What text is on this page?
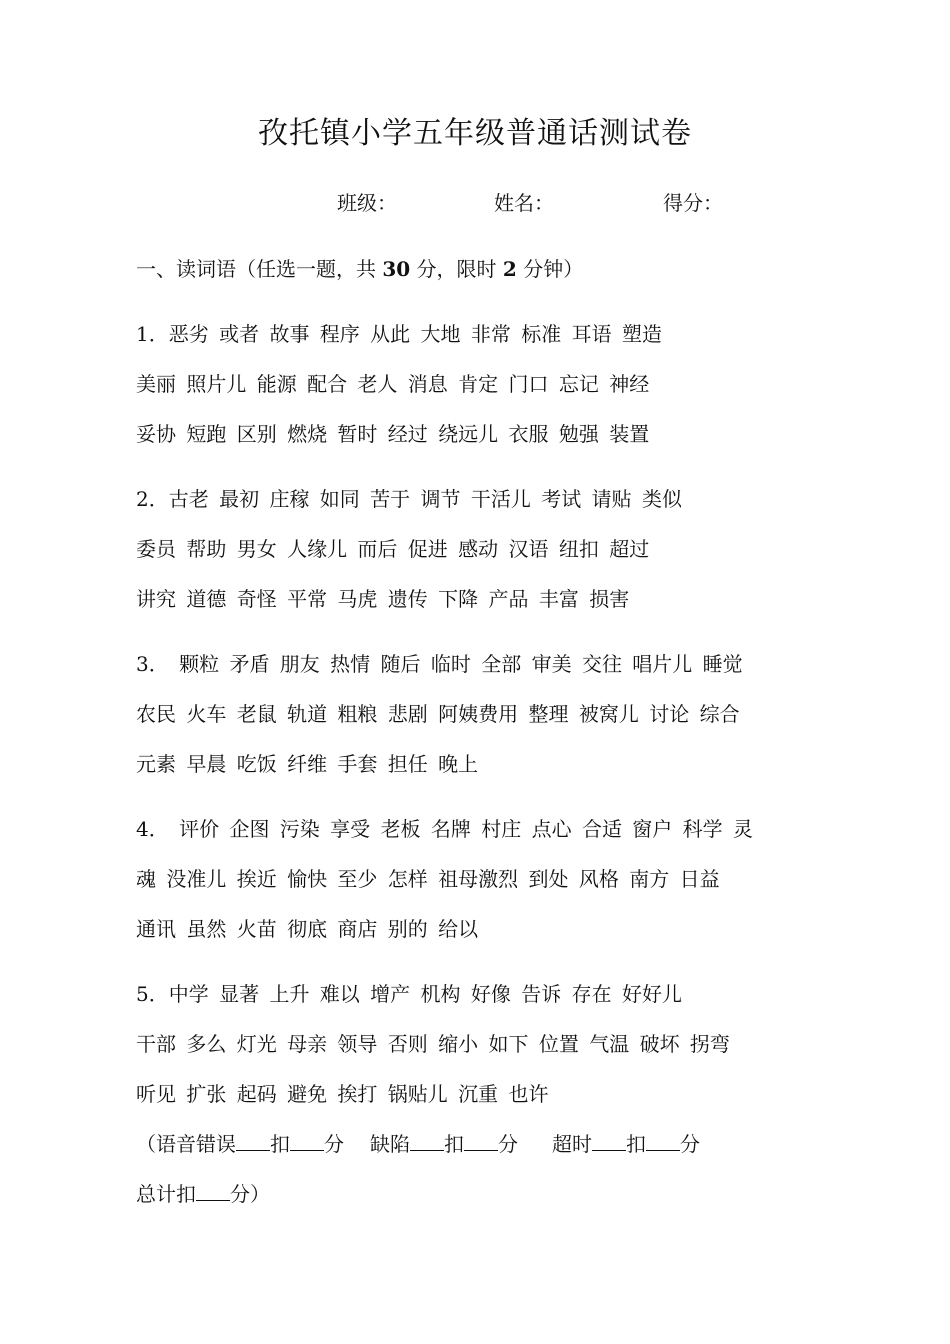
孜托镇小学五年级普通话测试卷
班级：	姓名：	得分：
一、读词语（任选一题，共 30 分，限时 2 分钟）
1．恶劣 或者 故事 程序 从此 大地 非常 标准 耳语 塑造
美丽 照片儿 能源 配合 老人 消息 肯定 门口 忘记 神经
妥协 短跑 区别 燃烧 暂时 经过 绕远儿 衣服 勉强 装置
2．古老 最初 庄稼 如同 苦于 调节 干活儿 考试 请贴 类似
委员 帮助 男女 人缘儿 而后 促进 感动 汉语 纽扣 超过
讲究 道德 奇怪 平常 马虎 遗传 下降 产品 丰富 损害
3． 颗粒 矛盾 朋友 热情 随后 临时 全部 审美 交往 唱片儿 睡觉
农民 火车 老鼠 轨道 粗粮 悲剧 阿姨费用 整理 被窝儿 讨论 综合
元素 早晨 吃饭 纤维 手套 担任 晚上
4． 评价 企图 污染 享受 老板 名牌 村庄 点心 合适 窗户 科学 灵
魂 没准儿 挨近 愉快 至少 怎样 祖母激烈 到处 风格 南方 日益
通讯 虽然 火苗 彻底 商店 别的 给以
5．中学 显著 上升 难以 增产 机构 好像 告诉 存在 好好儿
干部 多么 灯光 母亲 领导 否则 缩小 如下 位置 气温 破坏 拐弯
听见 扩张 起码 避免 挨打 锅贴儿 沉重 也许
（语音错误 扣 分 缺陷 扣 分 超时 扣 分
总计扣 分）
